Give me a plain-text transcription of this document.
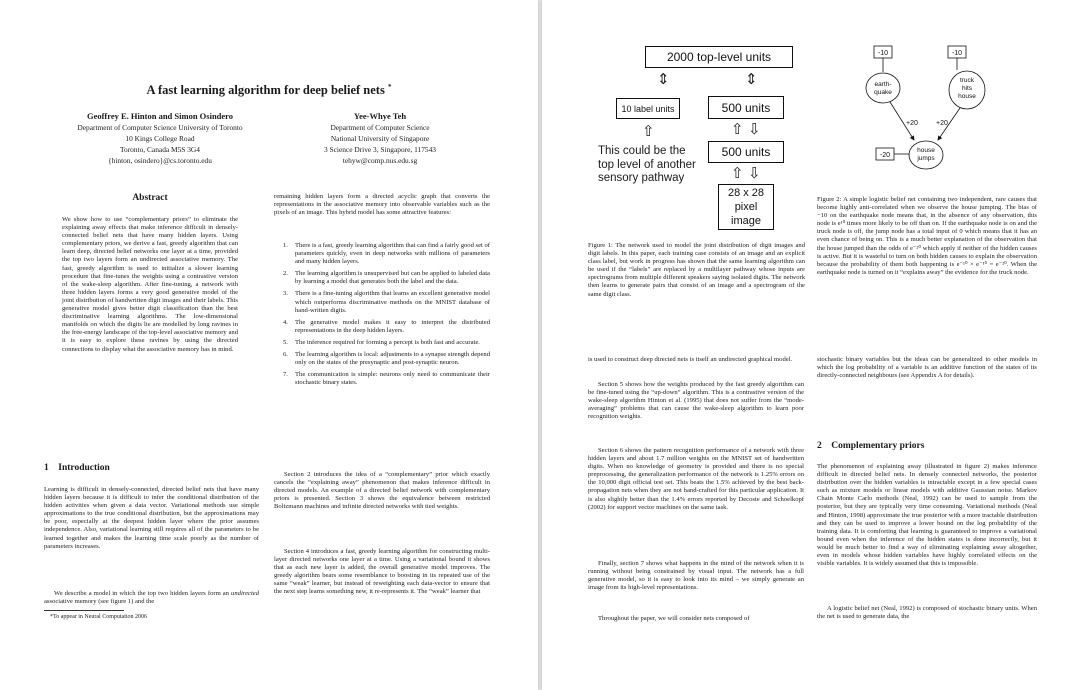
A fast learning algorithm for deep belief nets *
Geoffrey E. Hinton and Simon Osindero
Department of Computer Science University of Toronto
10 Kings College Road
Toronto, Canada M5S 3G4
{hinton, osindero}@cs.toronto.edu
Yee-Whye Teh
Department of Computer Science
National University of Singapore
3 Science Drive 3, Singapore, 117543
tehyw@comp.nus.edu.sg
Abstract
We show how to use “complementary priors” to eliminate the explaining away effects that make inference difficult in densely-connected belief nets that have many hidden layers. Using complementary priors, we derive a fast, greedy algorithm that can learn deep, directed belief networks one layer at a time, provided the top two layers form an undirected associative memory. The fast, greedy algorithm is used to initialize a slower learning procedure that fine-tunes the weights using a contrastive version of the wake-sleep algorithm. After fine-tuning, a network with three hidden layers forms a very good generative model of the joint distribution of handwritten digit images and their labels. This generative model gives better digit classification than the best discriminative learning algorithms. The low-dimensional manifolds on which the digits lie are modelled by long ravines in the free-energy landscape of the top-level associative memory and it is easy to explore these ravines by using the directed connections to display what the associative memory has in mind.
1 Introduction
Learning is difficult in densely-connected, directed belief nets that have many hidden layers because it is difficult to infer the conditional distribution of the hidden activities when given a data vector. Variational methods use simple approximations to the true conditional distribution, but the approximations may be poor, especially at the deepest hidden layer where the prior assumes independence. Also, variational learning still requires all of the parameters to be learned together and makes the learning time scale poorly as the number of parameters increases.
We describe a model in which the top two hidden layers form an undirected associative memory (see figure 1) and the
*To appear in Neural Computation 2006
remaining hidden layers form a directed acyclic graph that converts the representations in the associative memory into observable variables such as the pixels of an image. This hybrid model has some attractive features:
1.	There is a fast, greedy learning algorithm that can find a fairly good set of parameters quickly, even in deep networks with millions of parameters and many hidden layers.
2.	The learning algorithm is unsupervised but can be applied to labeled data by learning a model that generates both the label and the data.
3.	There is a fine-tuning algorithm that learns an excellent generative model which outperforms discriminative methods on the MNIST database of hand-written digits.
4.	The generative model makes it easy to interpret the distributed representations in the deep hidden layers.
5.	The inference required for forming a percept is both fast and accurate.
6.	The learning algorithm is local: adjustments to a synapse strength depend only on the states of the presynaptic and post-synaptic neuron.
7.	The communication is simple: neurons only need to communicate their stochastic binary states.
Section 2 introduces the idea of a “complementary” prior which exactly cancels the “explaining away” phenomenon that makes inference difficult in directed models. An example of a directed belief network with complementary priors is presented. Section 3 shows the equivalence between restricted Boltzmann machines and infinite directed networks with tied weights.
Section 4 introduces a fast, greedy learning algorithm for constructing multi-layer directed networks one layer at a time. Using a variational bound it shows that as each new layer is added, the overall generative model improves. The greedy algorithm bears some resemblance to boosting in its repeated use of the same “weak” learner, but instead of reweighting each data-vector to ensure that the next step learns something new, it re-represents it. The “weak” learner that
2000 top-level units
⇕	⇕
10 label units	500 units
⇧	⇧ ⇩
500 units
This could be the top level of another sensory pathway	⇧ ⇩
28 x 28 pixel image
Figure 1: The network used to model the joint distribution of digit images and digit labels. In this paper, each training case consists of an image and an explicit class label, but work in progress has shown that the same learning algorithm can be used if the “labels” are replaced by a multilayer pathway whose inputs are spectrograms from multiple different speakers saying isolated digits. The network then learns to generate pairs that consist of an image and a spectrogram of the same digit class.
-10	-10
earth-
quake
truck
hits
house
+20	+20
house
jumps
-20
Figure 2: A simple logistic belief net containing two independent, rare causes that become highly anti-correlated when we observe the house jumping. The bias of −10 on the earthquake node means that, in the absence of any observation, this node is e¹⁰ times more likely to be off than on. If the earthquake node is on and the truck node is off, the jump node has a total input of 0 which means that it has an even chance of being on. This is a much better explanation of the observation that the house jumped than the odds of e⁻²⁰ which apply if neither of the hidden causes is active. But it is wasteful to turn on both hidden causes to explain the observation because the probability of them both happening is e⁻¹⁰ × e⁻¹⁰ = e⁻²⁰. When the earthquake node is turned on it “explains away” the evidence for the truck node.
is used to construct deep directed nets is itself an undirected graphical model.
Section 5 shows how the weights produced by the fast greedy algorithm can be fine-tuned using the “up-down” algorithm. This is a contrastive version of the wake-sleep algorithm Hinton et al. (1995) that does not suffer from the “mode-averaging” problems that can cause the wake-sleep algorithm to learn poor recognition weights.
Section 6 shows the pattern recognition performance of a network with three hidden layers and about 1.7 million weights on the MNIST set of handwritten digits. When no knowledge of geometry is provided and there is no special preprocessing, the generalization performance of the network is 1.25% errors on the 10,000 digit official test set. This beats the 1.5% achieved by the best back-propagation nets when they are not hand-crafted for this particular application. It is also slightly better than the 1.4% errors reported by Decoste and Schoelkopf (2002) for support vector machines on the same task.
Finally, section 7 shows what happens in the mind of the network when it is running without being constrained by visual input. The network has a full generative model, so it is easy to look into its mind – we simply generate an image from its high-level representations.
Throughout the paper, we will consider nets composed of
stochastic binary variables but the ideas can be generalized to other models in which the log probability of a variable is an additive function of the states of its directly-connected neighbours (see Appendix A for details).
2 Complementary priors
The phenomenon of explaining away (illustrated in figure 2) makes inference difficult in directed belief nets. In densely connected networks, the posterior distribution over the hidden variables is intractable except in a few special cases such as mixture models or linear models with additive Gaussian noise. Markov Chain Monte Carlo methods (Neal, 1992) can be used to sample from the posterior, but they are typically very time consuming. Variational methods (Neal and Hinton, 1998) approximate the true posterior with a more tractable distribution and they can be used to improve a lower bound on the log probability of the training data. It is comforting that learning is guaranteed to improve a variational bound even when the inference of the hidden states is done incorrectly, but it would be much better to find a way of eliminating explaining away altogether, even in models whose hidden variables have highly correlated effects on the visible variables. It is widely assumed that this is impossible.
A logistic belief net (Neal, 1992) is composed of stochastic binary units. When the net is used to generate data, the
